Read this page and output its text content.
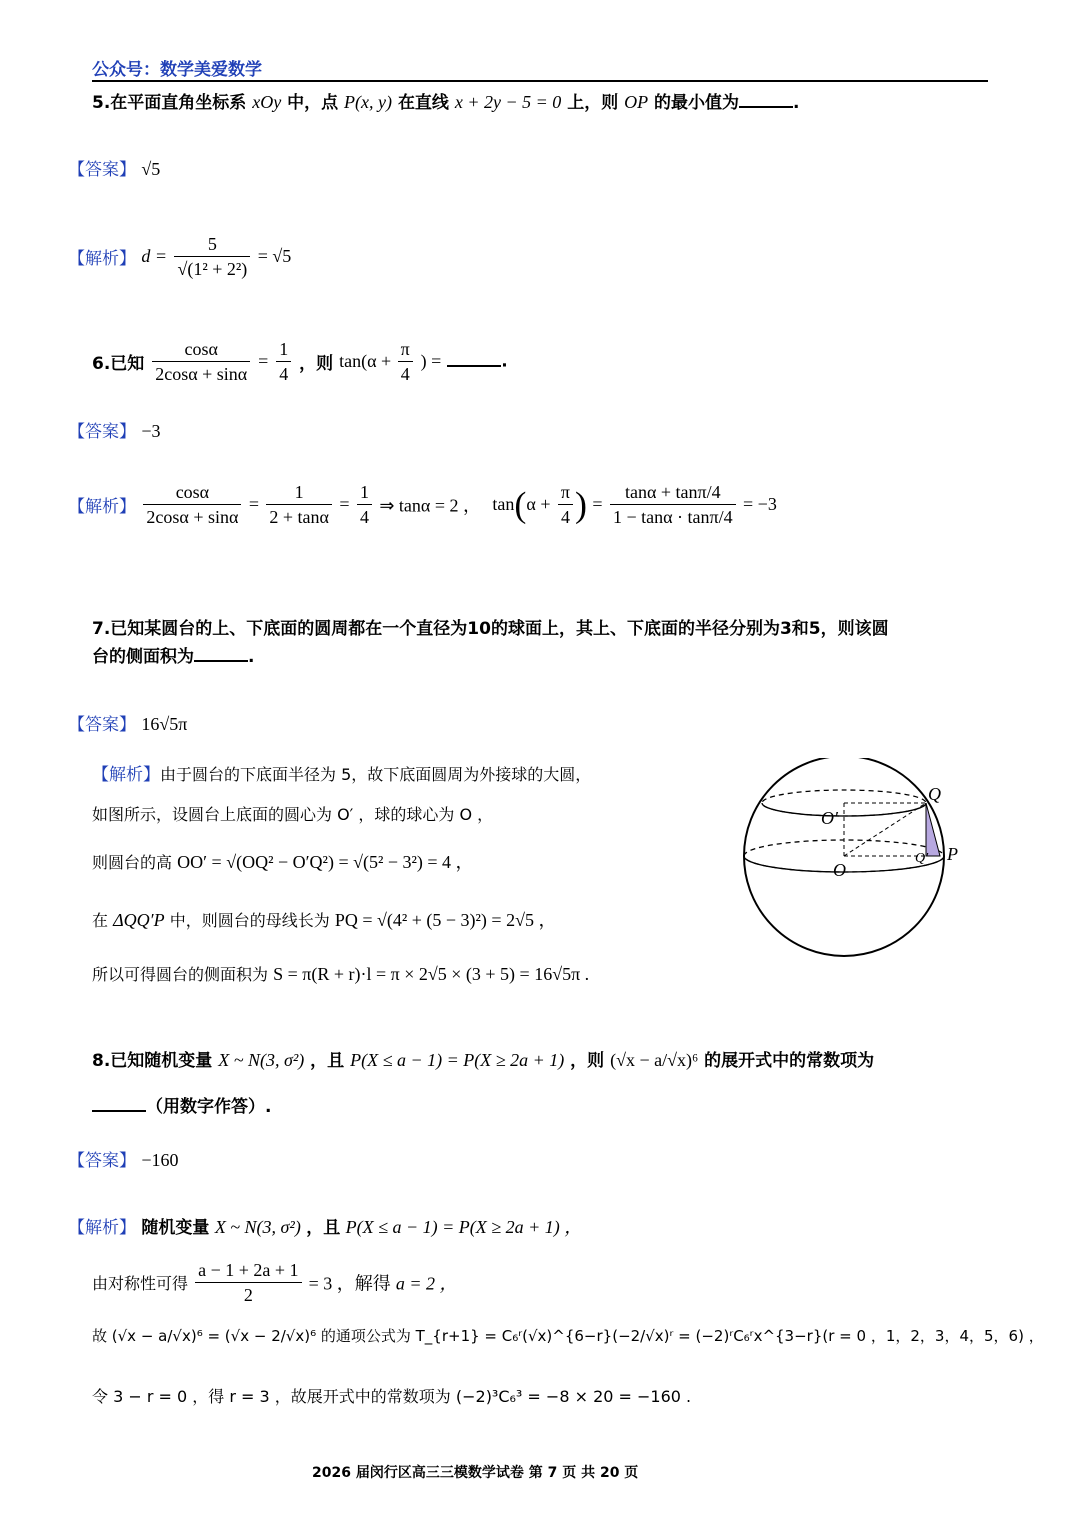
公众号：数学美爱数学
5.在平面直角坐标系 xOy 中，点 P(x, y) 在直线 x + 2y − 5 = 0 上，则 OP 的最小值为	.
【答案】 √5
【解析】 $d = \frac{5}{\text{√(1² + 2²)}} = √5$
6.已知 $\frac{\cos\alpha}{2\cos\alpha + \sin\alpha} = \frac{1}{4}$ ，则 $\tan(\alpha + \frac{\pi}{4}$ ) =	.
【答案】 −3
【解析】 $\frac{\cos\alpha}{2\cos\alpha + \sin\alpha} = \frac{1}{2 + \tan\alpha} = \frac{1}{4}$ ⇒ tanα = 2 ， $\tan(\alpha + \frac{\pi}{4}$ ) = $\frac{\tan\alpha + \tan\pi/4}{1 - \tan\alpha \cdot \tan\pi/4} = -3$
7.已知某圆台的上、下底面的圆周都在一个直径为10的球面上，其上、下底面的半径分别为3和5，则该圆
台的侧面积为	.
【答案】 16√5π
【解析】由于圆台的下底面半径为 5，故下底面圆周为外接球的大圆，
如图所示，设圆台上底面的圆心为 O′ ，球的球心为 O ，
则圆台的高 OO′ = √(OQ² − O′Q²) = √(5² − 3²) = 4 ，
在 ΔQQ′P 中，则圆台的母线长为 PQ = √(4² + (5 − 3)²) = 2√5 ，
所以可得圆台的侧面积为 S = π(R + r)·l = π × 2√5 × (3 + 5) = 16√5π .
Q
P
O′
O
Q′
8.已知随机变量 X ~ N(3, σ²) ，且 P(X ≤ a − 1) = P(X ≥ 2a + 1) ，则 (√x − a/√x)⁶ 的展开式中的常数项为
（用数字作答）.
【答案】 −160
【解析】 随机变量 X ~ N(3, σ²) ，且 P(X ≤ a − 1) = P(X ≥ 2a + 1) ，
由对称性可得 $\frac{a - 1 + 2a + 1}{2} = 3$ ，解得 a = 2 ，
故 (√x − a/√x)⁶ = (√x − 2/√x)⁶ 的通项公式为 T_{r+1} = C₆ʳ(√x)^{6−r}(−2/√x)ʳ = (−2)ʳC₆ʳx^{3−r}(r = 0 ，1，2，3，4，5，6) ，
令 3 − r = 0 ，得 r = 3 ，故展开式中的常数项为 (−2)³C₆³ = −8 × 20 = −160 .
2026 届闵行区高三三模数学试卷 第 7 页 共 20 页
